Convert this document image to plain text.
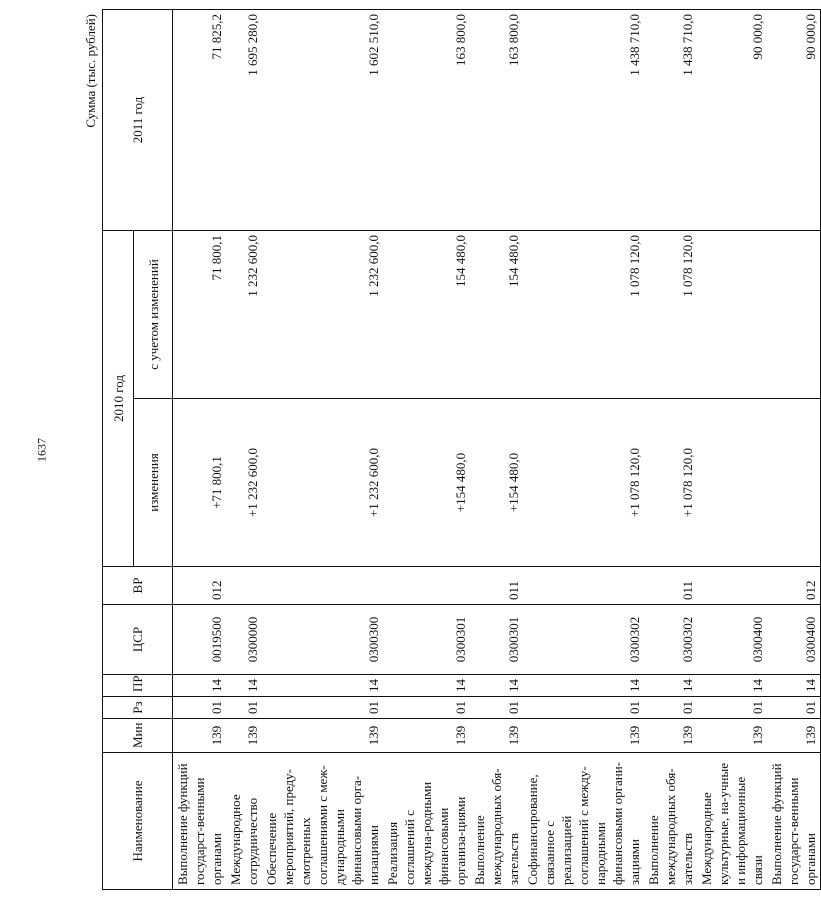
1637
Сумма (тыс. рублей)
Наименование	Мин	Рз	ПР	ЦСР	ВР	2010 год		2011 год
						изменения	с учетом изменений	
Выполнение функций государст-венными органами	139	01	14	0019500	012	+71 800,1	71 800,1	71 825,2
Международное сотрудничество	139	01	14	0300000		+1 232 600,0	1 232 600,0	1 695 280,0
Обеспечение мероприятий, преду-смотренных соглашениями с меж-дународными финансовыми орга-низациями	139	01	14	0300300		+1 232 600,0	1 232 600,0	1 602 510,0
Реализация соглашений с междуна-родными финансовыми организа-циями	139	01	14	0300301		+154 480,0	154 480,0	163 800,0
Выполнение международных обя-зательств	139	01	14	0300301	011	+154 480,0	154 480,0	163 800,0
Софинансирование, связанное с реализацией соглашений с между-народными финансовыми органи-зациями	139	01	14	0300302		+1 078 120,0	1 078 120,0	1 438 710,0
Выполнение международных обя-зательств	139	01	14	0300302	011	+1 078 120,0	1 078 120,0	1 438 710,0
Международные культурные, на-учные и информационные связи	139	01	14	0300400				90 000,0
Выполнение функций государст-венными органами	139	01	14	0300400	012			90 000,0
